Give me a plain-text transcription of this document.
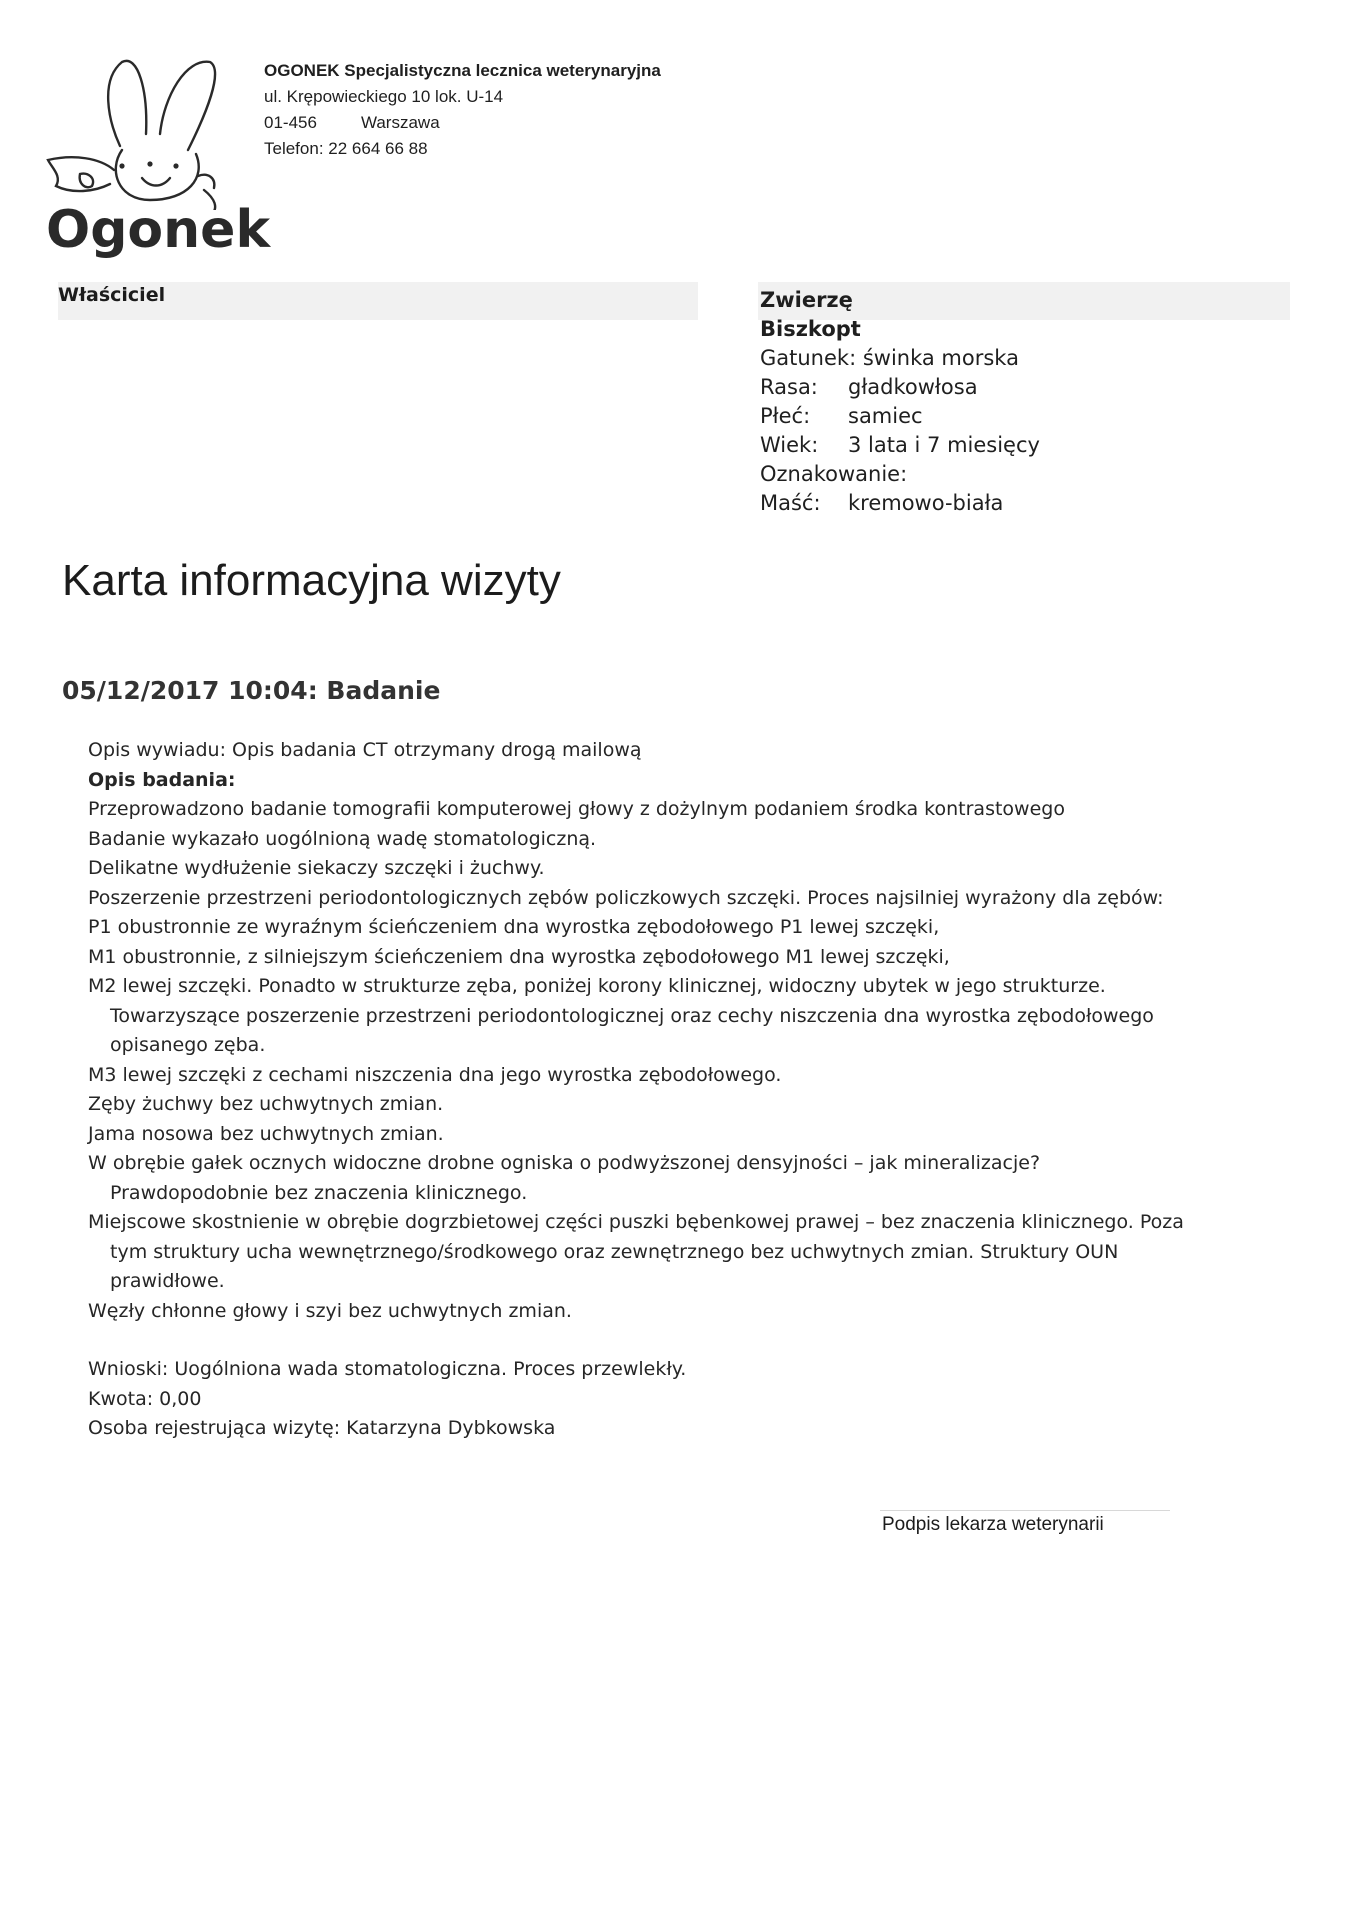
Ogonek
OGONEK Specjalistyczna lecznica weterynaryjna
ul. Krępowieckiego 10 lok. U-14
01-456	Warszawa
Telefon: 22 664 66 88
Właściciel	Zwierzę
Biszkopt
Gatunek: świnka morska
Rasa:	gładkowłosa
Płeć:	samiec
Wiek:	3 lata i 7 miesięcy
Oznakowanie:
Maść:	kremowo-biała
Karta informacyjna wizyty
05/12/2017 10:04: Badanie

Opis wywiadu: Opis badania CT otrzymany drogą mailową

Opis badania:

Przeprowadzono badanie tomografii komputerowej głowy z dożylnym podaniem środka kontrastowego

Badanie wykazało uogólnioną wadę stomatologiczną.

Delikatne wydłużenie siekaczy szczęki i żuchwy.

Poszerzenie przestrzeni periodontologicznych zębów policzkowych szczęki. Proces najsilniej wyrażony dla zębów:

P1 obustronnie ze wyraźnym ścieńczeniem dna wyrostka zębodołowego P1 lewej szczęki,

M1 obustronnie, z silniejszym ścieńczeniem dna wyrostka zębodołowego M1 lewej szczęki,

M2 lewej szczęki. Ponadto w strukturze zęba, poniżej korony klinicznej, widoczny ubytek w jego strukturze.

Towarzyszące poszerzenie przestrzeni periodontologicznej oraz cechy niszczenia dna wyrostka zębodołowego

opisanego zęba.

M3 lewej szczęki z cechami niszczenia dna jego wyrostka zębodołowego.

Zęby żuchwy bez uchwytnych zmian.

Jama nosowa bez uchwytnych zmian.

W obrębie gałek ocznych widoczne drobne ogniska o podwyższonej densyjności – jak mineralizacje?

Prawdopodobnie bez znaczenia klinicznego.

Miejscowe skostnienie w obrębie dogrzbietowej części puszki bębenkowej prawej – bez znaczenia klinicznego. Poza

tym struktury ucha wewnętrznego/środkowego oraz zewnętrznego bez uchwytnych zmian. Struktury OUN

prawidłowe.

Węzły chłonne głowy i szyi bez uchwytnych zmian.

Wnioski: Uogólniona wada stomatologiczna. Proces przewlekły.

Kwota: 0,00

Osoba rejestrująca wizytę: Katarzyna Dybkowska

Podpis lekarza weterynarii
